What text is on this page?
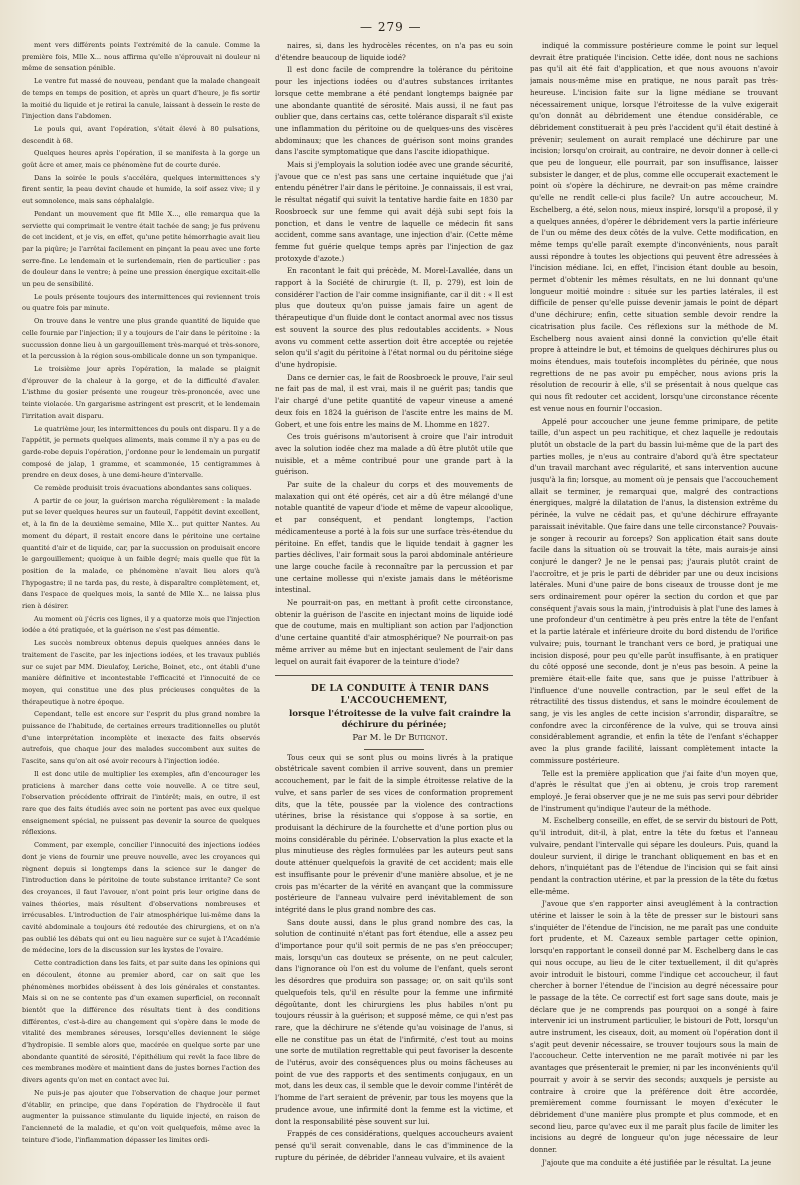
— 279 —

ment vers différents points l'extrémité de la canule. Comme la première fois, Mlle X... nous affirma qu'elle n'éprouvait ni douleur ni même de sensation pénible.

Le ventre fut massé de nouveau, pendant que la malade changeait de temps en temps de position, et après un quart d'heure, je fis sortir la moitié du liquide et je retirai la canule, laissant à dessein le reste de l'injection dans l'abdomen.

Le pouls qui, avant l'opération, s'était élevé à 80 pulsations, descendit à 68.

Quelques heures après l'opération, il se manifesta à la gorge un goût âcre et amer, mais ce phénomène fut de courte durée.

Dans la soirée le pouls s'accéléra, quelques intermittences s'y firent sentir, la peau devint chaude et humide, la soif assez vive; il y eut somnolence, mais sans céphalalgie.

Pendant un mouvement que fit Mlle X..., elle remarqua que la serviette qui comprimait le ventre était tachée de sang; je fus prévenu de cet incident, et je vis, en effet, qu'une petite hémorrhagie avait lieu par la piqûre; je l'arrêtai facilement en pinçant la peau avec une forte serre-fine. Le lendemain et le surlendemain, rien de particulier : pas de douleur dans le ventre; à peine une pression énergique excitait-elle un peu de sensibilité.

Le pouls présente toujours des intermittences qui reviennent trois ou quatre fois par minute.

On trouve dans le ventre une plus grande quantité de liquide que celle fournie par l'injection; il y a toujours de l'air dans le péritoine : la succussion donne lieu à un gargouillement très-marqué et très-sonore, et la percussion à la région sous-ombilicale donne un son tympanique.

Le troisième jour après l'opération, la malade se plaignit d'éprouver de la chaleur à la gorge, et de la difficulté d'avaler. L'isthme du gosier présente une rougeur très-prononcée, avec une teinte violacée. Un gargarisme astringent est prescrit, et le lendemain l'irritation avait disparu.

Le quatrième jour, les intermittences du pouls ont disparu. Il y a de l'appétit, je permets quelques aliments, mais comme il n'y a pas eu de garde-robe depuis l'opération, j'ordonne pour le lendemain un purgatif composé de jalap, 1 gramme, et scammonée, 15 centigrammes à prendre en deux doses, à une demi-heure d'intervalle.

Ce remède produisit trois évacuations abondantes sans coliques.

A partir de ce jour, la guérison marcha régulièrement : la malade put se lever quelques heures sur un fauteuil, l'appétit devint excellent, et, à la fin de la deuxième semaine, Mlle X... put quitter Nantes. Au moment du départ, il restait encore dans le péritoine une certaine quantité d'air et de liquide, car, par la succussion on produisait encore le gargouillement; quoique à un faible degré; mais quelle que fût la position de la malade, ce phénomène n'avait lieu alors qu'à l'hypogastre; il ne tarda pas, du reste, à disparaître complètement, et, dans l'espace de quelques mois, la santé de Mlle X... ne laissa plus rien à désirer.

Au moment où j'écris ces lignes, il y a quatorze mois que l'injection iodée a été pratiquée, et la guérison ne s'est pas démentie.

Les succès nombreux obtenus depuis quelques années dans le traitement de l'ascite, par les injections iodées, et les travaux publiés sur ce sujet par MM. Dieulafoy, Leriche, Boinet, etc., ont établi d'une manière définitive et incontestable l'efficacité et l'innocuité de ce moyen, qui constitue une des plus précieuses conquêtes de la thérapeutique à notre époque.

Cependant, telle est encore sur l'esprit du plus grand nombre la puissance de l'habitude, de certaines erreurs traditionnelles ou plutôt d'une interprétation incomplète et inexacte des faits observés autrefois, que chaque jour des malades succombent aux suites de l'ascite, sans qu'on ait osé avoir recours à l'injection iodée.

Il est donc utile de multiplier les exemples, afin d'encourager les praticiens à marcher dans cette voie nouvelle. A ce titre seul, l'observation précédente offrirait de l'intérêt; mais, en outre, il est rare que des faits étudiés avec soin ne portent pas avec eux quelque enseignement spécial, ne puissent pas devenir la source de quelques réflexions.

Comment, par exemple, concilier l'innocuité des injections iodées dont je viens de fournir une preuve nouvelle, avec les croyances qui règnent depuis si longtemps dans la science sur le danger de l'introduction dans le péritoine de toute substance irritante? Ce sont des croyances, il faut l'avouer, n'ont point pris leur origine dans de vaines théories, mais résultent d'observations nombreuses et irrécusables. L'introduction de l'air atmosphérique lui-même dans la cavité abdominale a toujours été redoutée des chirurgiens, et on n'a pas oublié les débats qui ont eu lieu naguère sur ce sujet à l'Académie de médecine, lors de la discussion sur les kystes de l'ovaire.

Cette contradiction dans les faits, et par suite dans les opinions qui en découlent, étonne au premier abord, car on sait que les phénomènes morbides obéissent à des lois générales et constantes. Mais si on ne se contente pas d'un examen superficiel, on reconnaît bientôt que la différence des résultats tient à des conditions différentes, c'est-à-dire au changement qui s'opère dans le mode de vitalité des membranes séreuses, lorsqu'elles deviennent le siége d'hydropisie. Il semble alors que, macérée en quelque sorte par une abondante quantité de sérosité, l'épithélium qui revêt la face libre de ces membranes modère et maintient dans de justes bornes l'action des divers agents qu'on met en contact avec lui.

Ne puis-je pas ajouter que l'observation de chaque jour permet d'établir, en principe, que dans l'opération de l'hydrocèle il faut augmenter la puissance stimulante du liquide injecté, en raison de l'ancienneté de la maladie, et qu'on voit quelquefois, même avec la teinture d'iode, l'inflammation dépasser les limites ordi-

naires, si, dans les hydrocèles récentes, on n'a pas eu soin d'étendre beaucoup de liquide iodé?

Il est donc facile de comprendre la tolérance du péritoine pour les injections iodées ou d'autres substances irritantes lorsque cette membrane a été pendant longtemps baignée par une abondante quantité de sérosité. Mais aussi, il ne faut pas oublier que, dans certains cas, cette tolérance disparaît s'il existe une inflammation du péritoine ou de quelques-uns des viscères abdominaux; que les chances de guérison sont moins grandes dans l'ascite symptomatique que dans l'ascite idiopathique.

Mais si j'employais la solution iodée avec une grande sécurité, j'avoue que ce n'est pas sans une certaine inquiétude que j'ai entendu pénétrer l'air dans le péritoine. Je connaissais, il est vrai, le résultat négatif qui suivit la tentative hardie faite en 1830 par Roosbroeck sur une femme qui avait déjà subi sept fois la ponction, et dans le ventre de laquelle ce médecin fit sans accident, comme sans avantage, une injection d'air. (Cette même femme fut guérie quelque temps après par l'injection de gaz protoxyde d'azote.)

En racontant le fait qui précède, M. Morel-Lavallée, dans un rapport à la Société de chirurgie (t. II, p. 279), est loin de considérer l'action de l'air comme insignifiante, car il dit : « Il est plus que douteux qu'on puisse jamais faire un agent de thérapeutique d'un fluide dont le contact anormal avec nos tissus est souvent la source des plus redoutables accidents. » Nous avons vu comment cette assertion doit être acceptée ou rejetée selon qu'il s'agit du péritoine à l'état normal ou du péritoine siége d'une hydropisie.

Dans ce dernier cas, le fait de Roosbroeck le prouve, l'air seul ne fait pas de mal, il est vrai, mais il ne guérit pas; tandis que l'air chargé d'une petite quantité de vapeur vineuse a amené deux fois en 1824 la guérison de l'ascite entre les mains de M. Gobert, et une fois entre les mains de M. Lhomme en 1827.

Ces trois guérisons m'autorisent à croire que l'air introduit avec la solution iodée chez ma malade a dû être plutôt utile que nuisible, et a même contribué pour une grande part à la guérison.

Par suite de la chaleur du corps et des mouvements de malaxation qui ont été opérés, cet air a dû être mélangé d'une notable quantité de vapeur d'iode et même de vapeur alcoolique, et par conséquent, et pendant longtemps, l'action médicamenteuse a porté à la fois sur une surface très-étendue du péritoine. En effet, tandis que le liquide tendait à gagner les parties déclives, l'air formait sous la paroi abdominale antérieure une large couche facile à reconnaître par la percussion et par une certaine mollesse qui n'existe jamais dans le météorisme intestinal.

Ne pourrait-on pas, en mettant à profit cette circonstance, obtenir la guérison de l'ascite en injectant moins de liquide iodé que de coutume, mais en multipliant son action par l'adjonction d'une certaine quantité d'air atmosphérique? Ne pourrait-on pas même arriver au même but en injectant seulement de l'air dans lequel on aurait fait évaporer de la teinture d'iode?

DE LA CONDUITE À TENIR DANS L'ACCOUCHEMENT,

lorsque l'étroitesse de la vulve fait craindre la déchirure du périnée;

Par M. le Dr Butignot.

Tous ceux qui se sont plus ou moins livrés à la pratique obstétricale savent combien il arrive souvent, dans un premier accouchement, par le fait de la simple étroitesse relative de la vulve, et sans parler de ses vices de conformation proprement dits, que la tête, poussée par la violence des contractions utérines, brise la résistance qui s'oppose à sa sortie, en produisant la déchirure de la fourchette et d'une portion plus ou moins considérable du périnée. L'observation la plus exacte et la plus minutieuse des règles formulées par les auteurs peut sans doute atténuer quelquefois la gravité de cet accident; mais elle est insuffisante pour le prévenir d'une manière absolue, et je ne crois pas m'écarter de la vérité en avançant que la commissure postérieure de l'anneau vulvaire perd inévitablement de son intégrité dans le plus grand nombre des cas.

Sans doute aussi, dans le plus grand nombre des cas, la solution de continuité n'étant pas fort étendue, elle a assez peu d'importance pour qu'il soit permis de ne pas s'en préoccuper; mais, lorsqu'un cas douteux se présente, on ne peut calculer, dans l'ignorance où l'on est du volume de l'enfant, quels seront les désordres que produira son passage; or, on sait qu'ils sont quelquefois tels, qu'il en résulte pour la femme une infirmité dégoûtante, dont les chirurgiens les plus habiles n'ont pu toujours réussir à la guérison; et supposé même, ce qui n'est pas rare, que la déchirure ne s'étende qu'au voisinage de l'anus, si elle ne constitue pas un état de l'infirmité, c'est tout au moins une sorte de mutilation regrettable qui peut favoriser la descente de l'utérus, avoir des conséquences plus ou moins fâcheuses au point de vue des rapports et des sentiments conjugaux, en un mot, dans les deux cas, il semble que le devoir comme l'intérêt de l'homme de l'art seraient de prévenir, par tous les moyens que la prudence avoue, une infirmité dont la femme est la victime, et dont la responsabilité pèse souvent sur lui.

Frappés de ces considérations, quelques accoucheurs avaient pensé qu'il serait convenable, dans le cas d'imminence de la rupture du périnée, de débrider l'anneau vulvaire, et ils avaient

indiqué la commissure postérieure comme le point sur lequel devrait être pratiquée l'incision. Cette idée, dont nous ne sachions pas qu'il ait été fait d'application, et que nous avouons n'avoir jamais nous-même mise en pratique, ne nous paraît pas très-heureuse. L'incision faite sur la ligne médiane se trouvant nécessairement unique, lorsque l'étroitesse de la vulve exigerait qu'on donnât au débridement une étendue considérable, ce débridement constituerait à peu près l'accident qu'il était destiné à prévenir; seulement on aurait remplacé une déchirure par une incision; lorsqu'on croirait, au contraire, ne devoir donner à celle-ci que peu de longueur, elle pourrait, par son insuffisance, laisser subsister le danger, et de plus, comme elle occuperait exactement le point où s'opère la déchirure, ne devrait-on pas même craindre qu'elle ne rendît celle-ci plus facile? Un autre accoucheur, M. Eschelberg, a été, selon nous, mieux inspiré, lorsqu'il a proposé, il y a quelques années, d'opérer le débridement vers la partie inférieure de l'un ou même des deux côtés de la vulve. Cette modification, en même temps qu'elle paraît exempte d'inconvénients, nous paraît aussi répondre à toutes les objections qui peuvent être adressées à l'incision médiane. Ici, en effet, l'incision étant double au besoin, permet d'obtenir les mêmes résultats, en ne lui donnant qu'une longueur moitié moindre : située sur les parties latérales, il est difficile de penser qu'elle puisse devenir jamais le point de départ d'une déchirure; enfin, cette situation semble devoir rendre la cicatrisation plus facile. Ces réflexions sur la méthode de M. Eschelberg nous avaient ainsi donné la conviction qu'elle était propre à atteindre le but, et témoins de quelques déchirures plus ou moins étendues, mais toutefois incomplètes du périnée, que nous regrettions de ne pas avoir pu empêcher, nous avions pris la résolution de recourir à elle, s'il se présentait à nous quelque cas qui nous fît redouter cet accident, lorsqu'une circonstance récente est venue nous en fournir l'occasion.

Appelé pour accoucher une jeune femme primipare, de petite taille, d'un aspect un peu rachitique, et chez laquelle je redoutais plutôt un obstacle de la part du bassin lui-même que de la part des parties molles, je n'eus au contraire d'abord qu'à être spectateur d'un travail marchant avec régularité, et sans intervention aucune jusqu'à la fin; lorsque, au moment où je pensais que l'accouchement allait se terminer, je remarquai que, malgré des contractions énergiques, malgré la dilatation de l'anus, la distension extrême du périnée, la vulve ne cédait pas, et qu'une déchirure effrayante paraissait inévitable. Que faire dans une telle circonstance? Pouvais-je songer à recourir au forceps? Son application était sans doute facile dans la situation où se trouvait la tête, mais aurais-je ainsi conjuré le danger? Je ne le pensai pas; j'aurais plutôt craint de l'accroître, et je pris le parti de débrider par une ou deux incisions latérales. Muni d'une paire de bons ciseaux de trousse dont je me sers ordinairement pour opérer la section du cordon et que par conséquent j'avais sous la main, j'introduisis à plat l'une des lames à une profondeur d'un centimètre à peu près entre la tête de l'enfant et la partie latérale et inférieure droite du bord distendu de l'orifice vulvaire; puis, tournant le tranchant vers ce bord, je pratiquai une incision disposé, pour peu qu'elle parût insuffisante, à en pratiquer du côté opposé une seconde, dont je n'eus pas besoin. A peine la première était-elle faite que, sans que je puisse l'attribuer à l'influence d'une nouvelle contraction, par le seul effet de la rétractilité des tissus distendus, et sans le moindre écoulement de sang, je vis les angles de cette incision s'arrondir, disparaître, se confondre avec la circonférence de la vulve, qui se trouva ainsi considérablement agrandie, et enfin la tête de l'enfant s'échapper avec la plus grande facilité, laissant complètement intacte la commissure postérieure.

Telle est la première application que j'ai faite d'un moyen que, d'après le résultat que j'en ai obtenu, je crois trop rarement employé. Je ferai observer que je ne me suis pas servi pour débrider de l'instrument qu'indique l'auteur de la méthode.

M. Eschelberg conseille, en effet, de se servir du bistouri de Pott, qu'il introduit, dit-il, à plat, entre la tête du fœtus et l'anneau vulvaire, pendant l'intervalle qui sépare les douleurs. Puis, quand la douleur survient, il dirige le tranchant obliquement en bas et en dehors, n'inquiétant pas de l'étendue de l'incision qui se fait ainsi pendant la contraction utérine, et par la pression de la tête du fœtus elle-même.

J'avoue que s'en rapporter ainsi aveuglément à la contraction utérine et laisser le soin à la tête de presser sur le bistouri sans s'inquiéter de l'étendue de l'incision, ne me paraît pas une conduite fort prudente, et M. Cazeaux semble partager cette opinion, lorsqu'en rapportant le conseil donné par M. Eschelberg dans le cas qui nous occupe, au lieu de le citer textuellement, il dit qu'après avoir introduit le bistouri, comme l'indique cet accoucheur, il faut chercher à borner l'étendue de l'incision au degré nécessaire pour le passage de la tête. Ce correctif est fort sage sans doute, mais je déclare que je ne comprends pas pourquoi on a songé à faire intervenir ici un instrument particulier, le bistouri de Pott, lorsqu'un autre instrument, les ciseaux, doit, au moment où l'opération dont il s'agit peut devenir nécessaire, se trouver toujours sous la main de l'accoucheur. Cette intervention ne me paraît motivée ni par les avantages que présenterait le premier, ni par les inconvénients qu'il pourrait y avoir à se servir des seconds; auxquels je persiste au contraire à croire que la préférence doit être accordée, premièrement comme fournissant le moyen d'exécuter le débridement d'une manière plus prompte et plus commode, et en second lieu, parce qu'avec eux il me paraît plus facile de limiter les incisions au degré de longueur qu'on juge nécessaire de leur donner.

J'ajoute que ma conduite a été justifiée par le résultat. La jeune
